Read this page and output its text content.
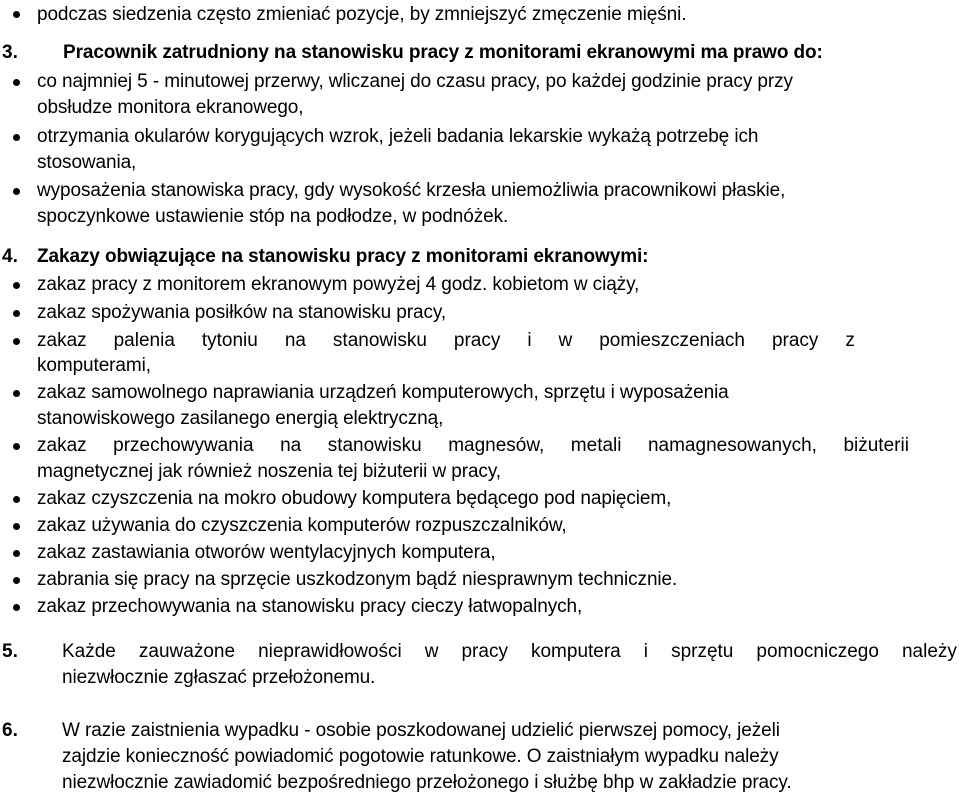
podczas siedzenia często zmieniać pozycje, by zmniejszyć zmęczenie mięśni.
3. Pracownik zatrudniony na stanowisku pracy z monitorami ekranowymi ma prawo do:
co najmniej 5 - minutowej przerwy, wliczanej do czasu pracy, po każdej godzinie pracy przy
obsłudze monitora ekranowego,
otrzymania okularów korygujących wzrok, jeżeli badania lekarskie wykażą potrzebę ich
stosowania,
wyposażenia stanowiska pracy, gdy wysokość krzesła uniemożliwia pracownikowi płaskie,
spoczynkowe ustawienie stóp na podłodze, w podnóżek.
4. Zakazy obwiązujące na stanowisku pracy z monitorami ekranowymi:
zakaz pracy z monitorem ekranowym powyżej 4 godz. kobietom w ciąży,
zakaz spożywania posiłków na stanowisku pracy,
zakaz palenia tytoniu na stanowisku pracy i w pomieszczeniach pracy z
komputerami,
zakaz samowolnego naprawiania urządzeń komputerowych, sprzętu i wyposażenia
stanowiskowego zasilanego energią elektryczną,
zakaz przechowywania na stanowisku magnesów, metali namagnesowanych, biżuterii
magnetycznej jak również noszenia tej biżuterii w pracy,
zakaz czyszczenia na mokro obudowy komputera będącego pod napięciem,
zakaz używania do czyszczenia komputerów rozpuszczalników,
zakaz zastawiania otworów wentylacyjnych komputera,
zabrania się pracy na sprzęcie uszkodzonym bądź niesprawnym technicznie.
zakaz przechowywania na stanowisku pracy cieczy łatwopalnych,
5. Każde zauważone nieprawidłowości w pracy komputera i sprzętu pomocniczego należy
niezwłocznie zgłaszać przełożonemu.
6. W razie zaistnienia wypadku - osobie poszkodowanej udzielić pierwszej pomocy, jeżeli
zajdzie konieczność powiadomić pogotowie ratunkowe. O zaistniałym wypadku należy
niezwłocznie zawiadomić bezpośredniego przełożonego i służbę bhp w zakładzie pracy.
